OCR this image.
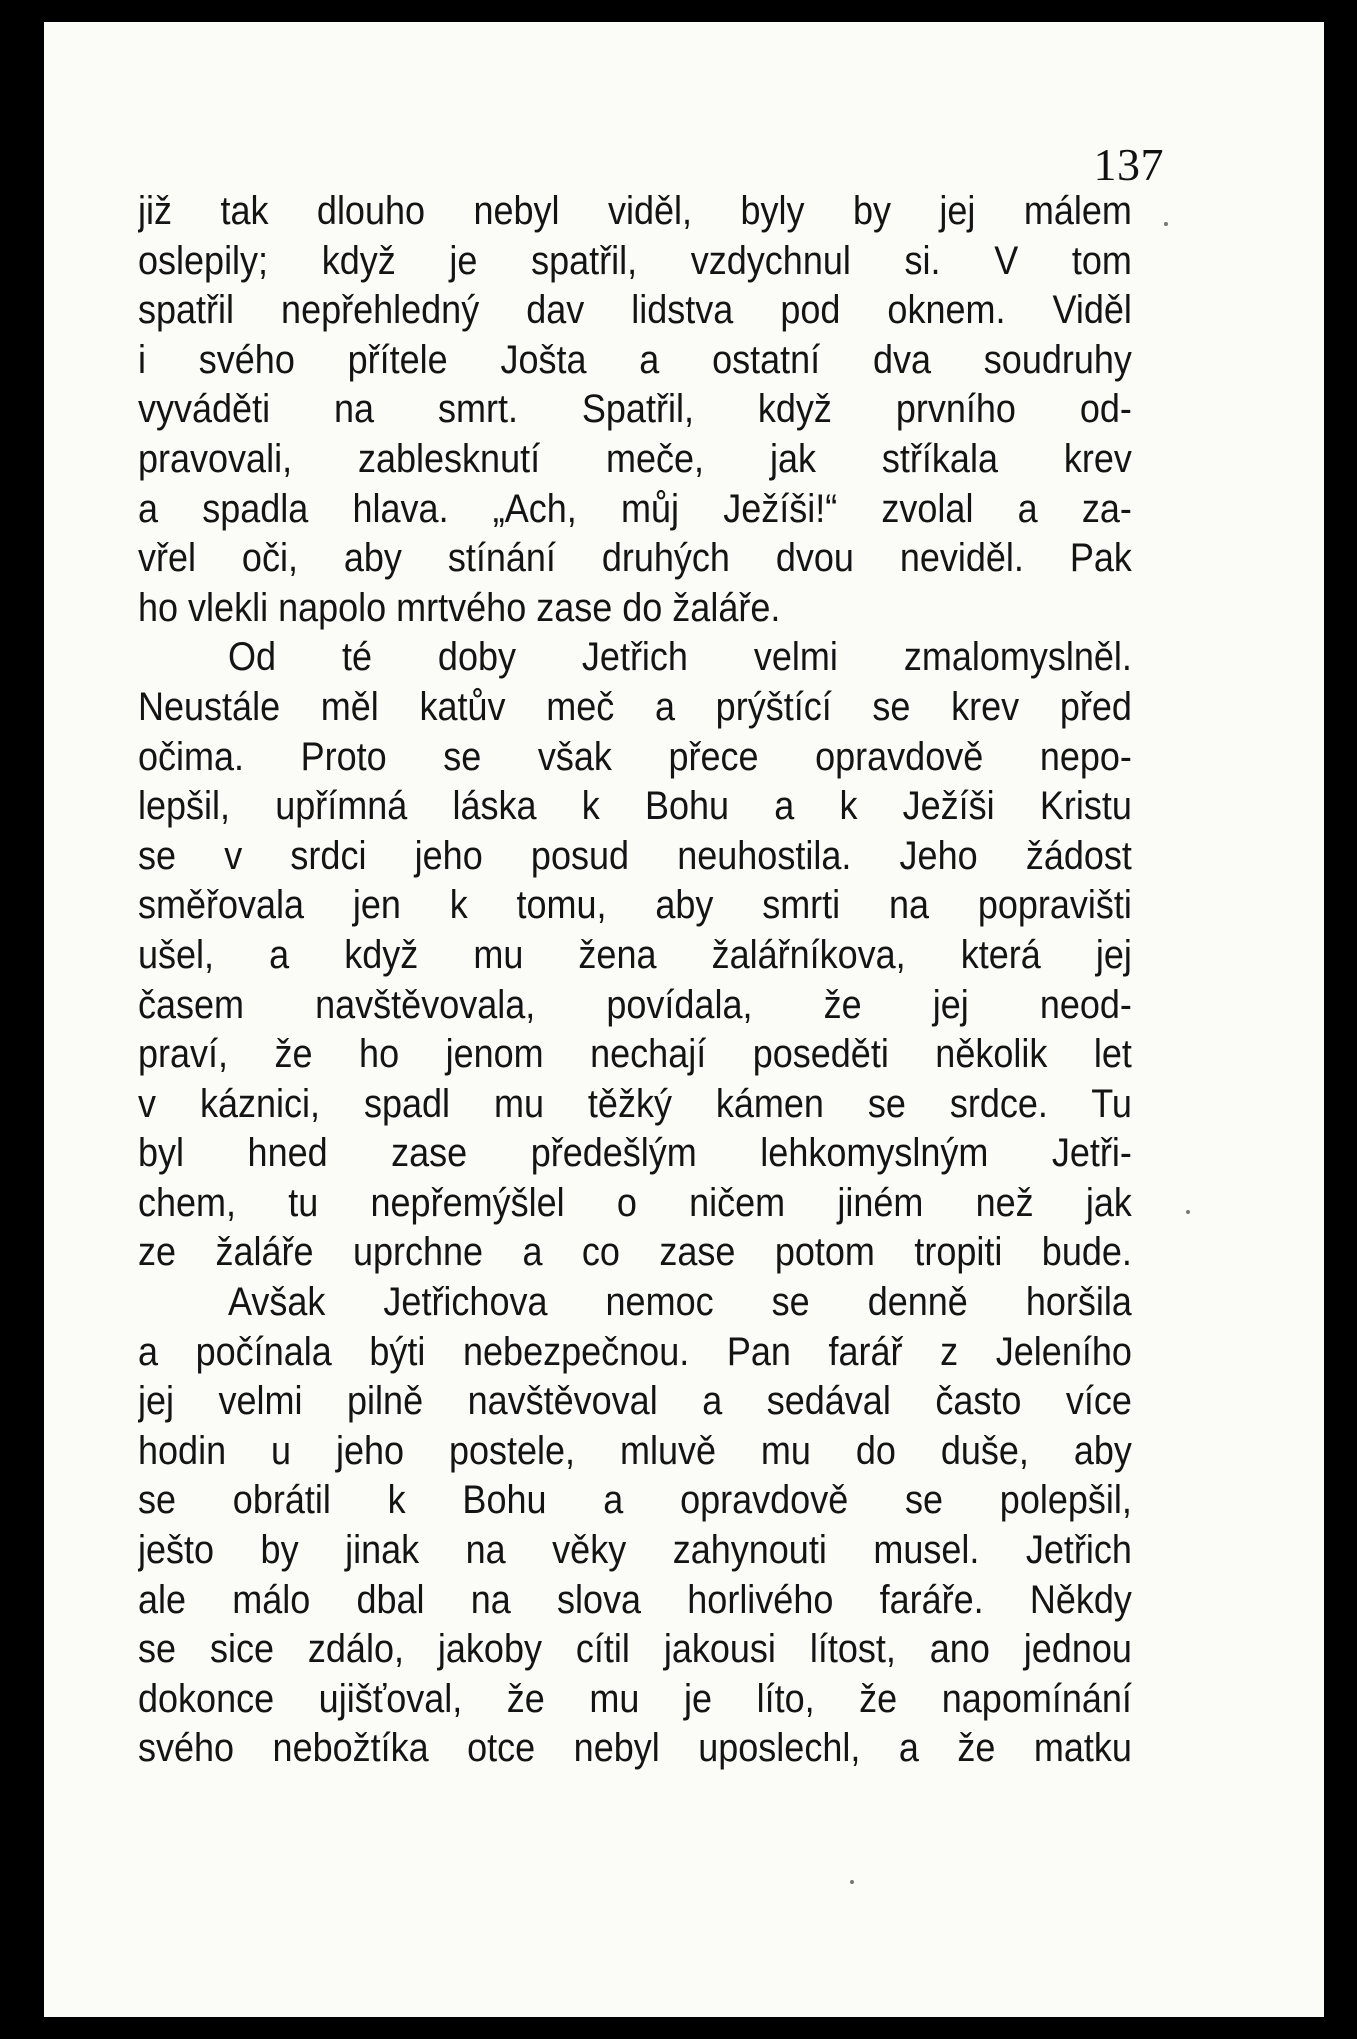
137
již tak dlouho nebyl viděl, byly by jej málem
oslepily; když je spatřil, vzdychnul si. V tom
spatřil nepřehledný dav lidstva pod oknem. Viděl
i svého přítele Jošta a ostatní dva soudruhy
vyváděti na smrt. Spatřil, když prvního od-
pravovali, zablesknutí meče, jak stříkala krev
a spadla hlava. „Ach, můj Ježíši!“ zvolal a za-
vřel oči, aby stínání druhých dvou neviděl. Pak
ho vlekli napolo mrtvého zase do žaláře.
Od té doby Jetřich velmi zmalomyslněl.
Neustále měl katův meč a prýštící se krev před
očima. Proto se však přece opravdově nepo-
lepšil, upřímná láska k Bohu a k Ježíši Kristu
se v srdci jeho posud neuhostila. Jeho žádost
směřovala jen k tomu, aby smrti na popravišti
ušel, a když mu žena žalářníkova, která jej
časem navštěvovala, povídala, že jej neod-
praví, že ho jenom nechají poseděti několik let
v káznici, spadl mu těžký kámen se srdce. Tu
byl hned zase předešlým lehkomyslným Jetři-
chem, tu nepřemýšlel o ničem jiném než jak
ze žaláře uprchne a co zase potom tropiti bude.
Avšak Jetřichova nemoc se denně horšila
a počínala býti nebezpečnou. Pan farář z Jeleního
jej velmi pilně navštěvoval a sedával často více
hodin u jeho postele, mluvě mu do duše, aby
se obrátil k Bohu a opravdově se polepšil,
ješto by jinak na věky zahynouti musel. Jetřich
ale málo dbal na slova horlivého faráře. Někdy
se sice zdálo, jakoby cítil jakousi lítost, ano jednou
dokonce ujišťoval, že mu je líto, že napomínání
svého nebožtíka otce nebyl uposlechl, a že matku
